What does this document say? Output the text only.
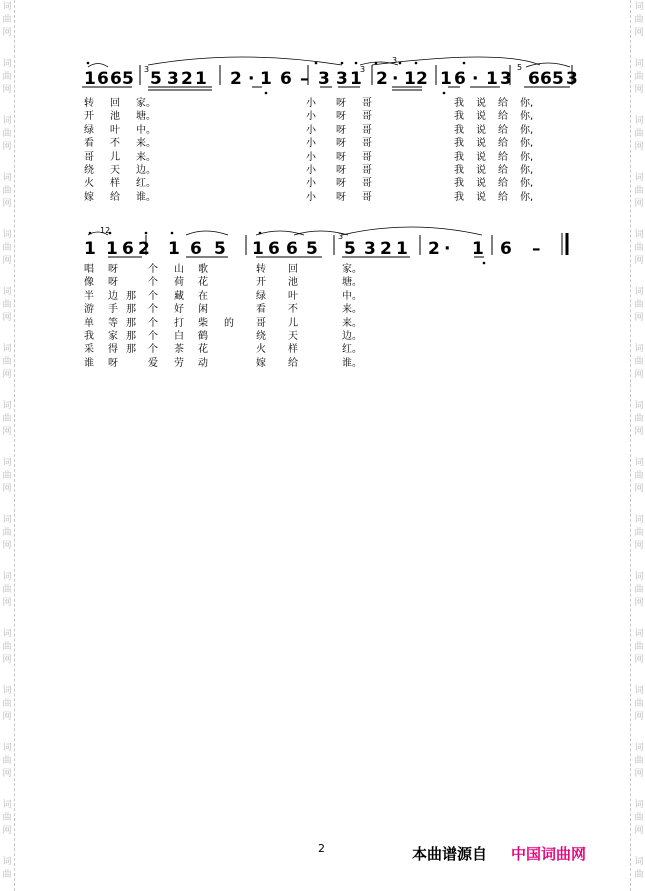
词
曲
网
词
曲
网
词
曲
网
词
曲
网
词
曲
网
词
曲
网
词
曲
网
词
曲
网
词
曲
网
词
曲
网
词
曲
网
词
曲
网
词
曲
网
词
曲
网
词
曲
网
词
曲
词
曲
网
词
曲
网
词
曲
网
词
曲
网
词
曲
网
词
曲
网
词
曲
网
词
曲
网
词
曲
网
词
曲
网
词
曲
网
词
曲
网
词
曲
网
词
曲
网
词
曲
网
词
曲
1 6 6 5 5 3 2 1 2 · 1 6 – 3 3 1 2 · 1 2 1 6 · 1 3 6 6 5 3
3	3
3
5
转 回 家。	小 呀 哥	我 说 给 你,
开 池 塘。	小 呀 哥	我 说 给 你,
绿 叶 中。	小 呀 哥	我 说 给 你,
看 不 来。	小 呀 哥	我 说 给 你,
哥 儿 来。	小 呀 哥	我 说 给 你,
绕 天 边。	小 呀 哥	我 说 给 你,
火 样 红。	小 呀 哥	我 说 给 你,
嫁 给 谁。	小 呀 哥	我 说 给 你,
1 1 6 2 1 6 5 1 6 6 5 5 3 2 1 2 · 1 6 –
12
3
唱 呀	个 山 歌	转 回	家。
像 呀	个 荷 花	开 池	塘。
半 边 那 个 藏 在	绿 叶	中。
游 手 那 个 好 闲	看 不	来。
单 等 那 个 打 柴 的 哥 儿	来。
我 家 那 个 白 鹤	绕 天	边。
采 得 那 个 茶 花	火 样	红。
谁 呀	爱 劳 动	嫁 给	谁。
2	本曲谱源自 中国词曲网
